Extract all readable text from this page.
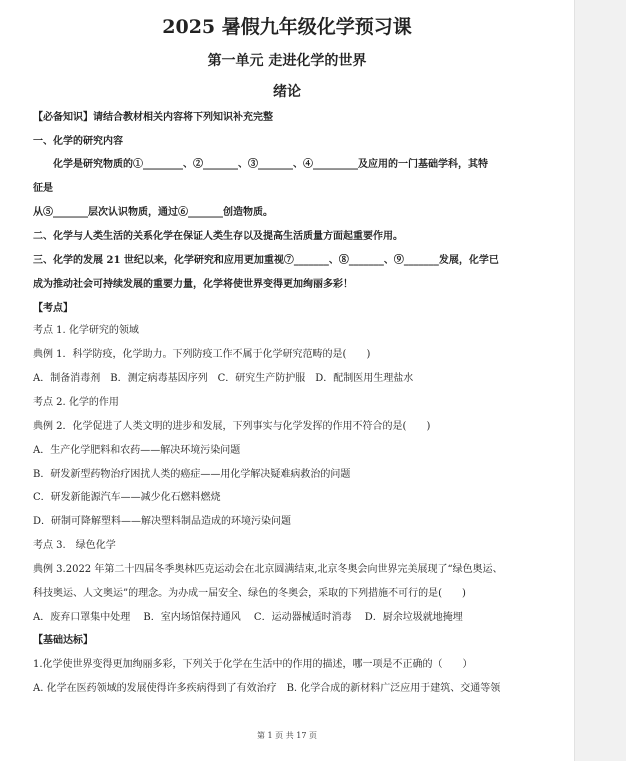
2025 暑假九年级化学预习课
第一单元 走进化学的世界
绪论
【必备知识】请结合教材相关内容将下列知识补充完整
一、化学的研究内容
　　化学是研究物质的①________、②_______、③_______、④_________及应用的一门基础学科，其特
征是
从⑤_______层次认识物质，通过⑥_______创造物质。
二、化学与人类生活的关系化学在保证人类生存以及提高生活质量方面起重要作用。
三、化学的发展 21 世纪以来，化学研究和应用更加重视⑦_______、⑧_______、⑨_______发展，化学已
成为推动社会可持续发展的重要力量，化学将使世界变得更加绚丽多彩！
【考点】
考点 1. 化学研究的领域
典例 1．科学防疫，化学助力。下列防疫工作不属于化学研究范畴的是(　　)
A．制备消毒剂　B．测定病毒基因序列　C．研究生产防护服　D．配制医用生理盐水
考点 2. 化学的作用
典例 2．化学促进了人类文明的进步和发展，下列事实与化学发挥的作用不符合的是(　　)
A．生产化学肥料和农药——解决环境污染问题
B．研发新型药物治疗困扰人类的癌症——用化学解决疑难病救治的问题
C．研发新能源汽车——减少化石燃料燃烧
D．研制可降解塑料——解决塑料制品造成的环境污染问题
考点 3.　绿色化学
典例 3.2022 年第二十四届冬季奥林匹克运动会在北京圆满结束,北京冬奥会向世界完美展现了“绿色奥运、
科技奥运、人文奥运”的理念。为办成一届安全、绿色的冬奥会，采取的下列措施不可行的是(　　)
A．废弃口罩集中处理　 B．室内场馆保持通风　 C．运动器械适时消毒　 D．厨余垃圾就地掩埋
【基础达标】
1.化学使世界变得更加绚丽多彩，下列关于化学在生活中的作用的描述，哪一项是不正确的（　　）
A. 化学在医药领域的发展使得许多疾病得到了有效治疗　B. 化学合成的新材料广泛应用于建筑、交通等领
第 1 页 共 17 页
